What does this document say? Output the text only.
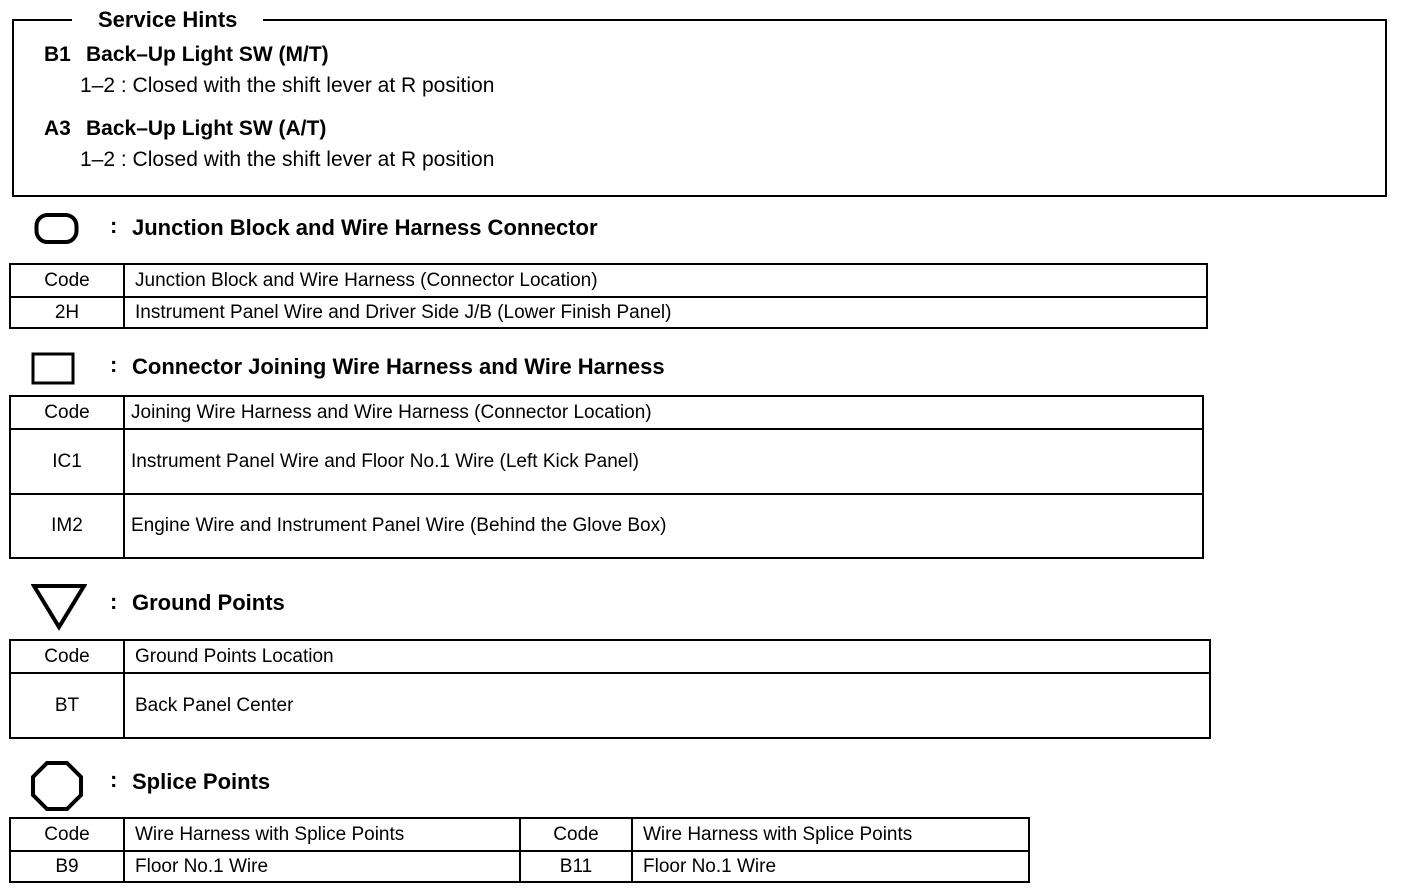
Service Hints
B1 Back–Up Light SW (M/T)
1–2 : Closed with the shift lever at R position
A3 Back–Up Light SW (A/T)
1–2 : Closed with the shift lever at R position
: Junction Block and Wire Harness Connector
Code	Junction Block and Wire Harness (Connector Location)
2H	Instrument Panel Wire and Driver Side J/B (Lower Finish Panel)
: Connector Joining Wire Harness and Wire Harness
Code	Joining Wire Harness and Wire Harness (Connector Location)
IC1	Instrument Panel Wire and Floor No.1 Wire (Left Kick Panel)
IM2	Engine Wire and Instrument Panel Wire (Behind the Glove Box)
: Ground Points
Code	Ground Points Location
BT	Back Panel Center
: Splice Points
Code	Wire Harness with Splice Points	Code	Wire Harness with Splice Points
B9	Floor No.1 Wire	B11	Floor No.1 Wire
